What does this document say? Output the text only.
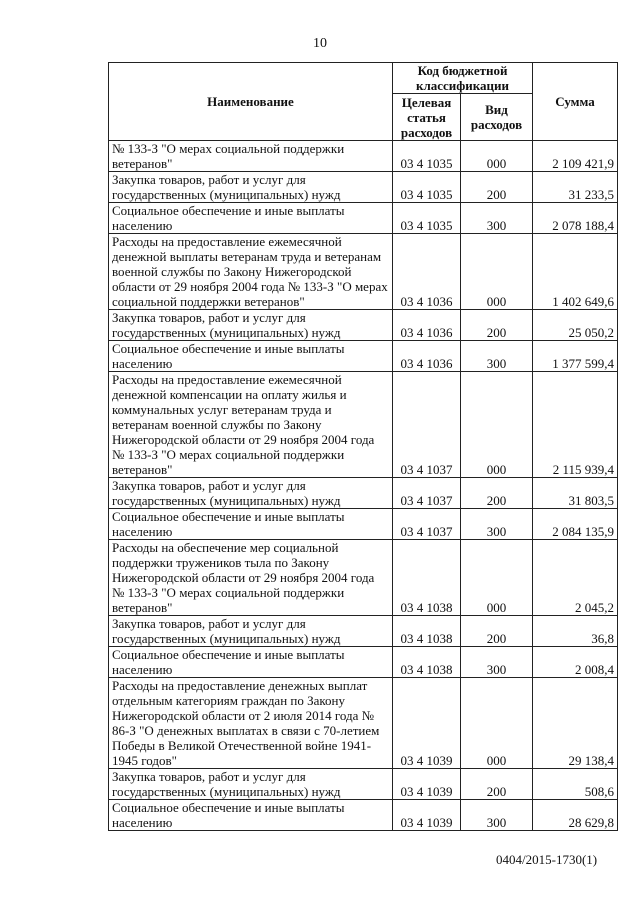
10
Наименование	Код бюджетной классификации		Сумма
	Целевая статья расходов	Вид расходов	
№ 133-З "О мерах социальной поддержки ветеранов"	03 4 1035	000	2 109 421,9
Закупка товаров, работ и услуг для государственных (муниципальных) нужд	03 4 1035	200	31 233,5
Социальное обеспечение и иные выплаты населению	03 4 1035	300	2 078 188,4
Расходы на предоставление ежемесячной денежной выплаты ветеранам труда и ветеранам военной службы по Закону Нижегородской области от 29 ноября 2004 года № 133-З "О мерах социальной поддержки ветеранов"	03 4 1036	000	1 402 649,6
Закупка товаров, работ и услуг для государственных (муниципальных) нужд	03 4 1036	200	25 050,2
Социальное обеспечение и иные выплаты населению	03 4 1036	300	1 377 599,4
Расходы на предоставление ежемесячной денежной компенсации на оплату жилья и коммунальных услуг ветеранам труда и ветеранам военной службы по Закону Нижегородской области от 29 ноября 2004 года № 133-З "О мерах социальной поддержки ветеранов"	03 4 1037	000	2 115 939,4
Закупка товаров, работ и услуг для государственных (муниципальных) нужд	03 4 1037	200	31 803,5
Социальное обеспечение и иные выплаты населению	03 4 1037	300	2 084 135,9
Расходы на обеспечение мер социальной поддержки тружеников тыла по Закону Нижегородской области от 29 ноября 2004 года № 133-З "О мерах социальной поддержки ветеранов"	03 4 1038	000	2 045,2
Закупка товаров, работ и услуг для государственных (муниципальных) нужд	03 4 1038	200	36,8
Социальное обеспечение и иные выплаты населению	03 4 1038	300	2 008,4
Расходы на предоставление денежных выплат отдельным категориям граждан по Закону Нижегородской области от 2 июля 2014 года № 86-З "О денежных выплатах в связи с 70-летием Победы в Великой Отечественной войне 1941-1945 годов"	03 4 1039	000	29 138,4
Закупка товаров, работ и услуг для государственных (муниципальных) нужд	03 4 1039	200	508,6
Социальное обеспечение и иные выплаты населению	03 4 1039	300	28 629,8
0404/2015-1730(1)
